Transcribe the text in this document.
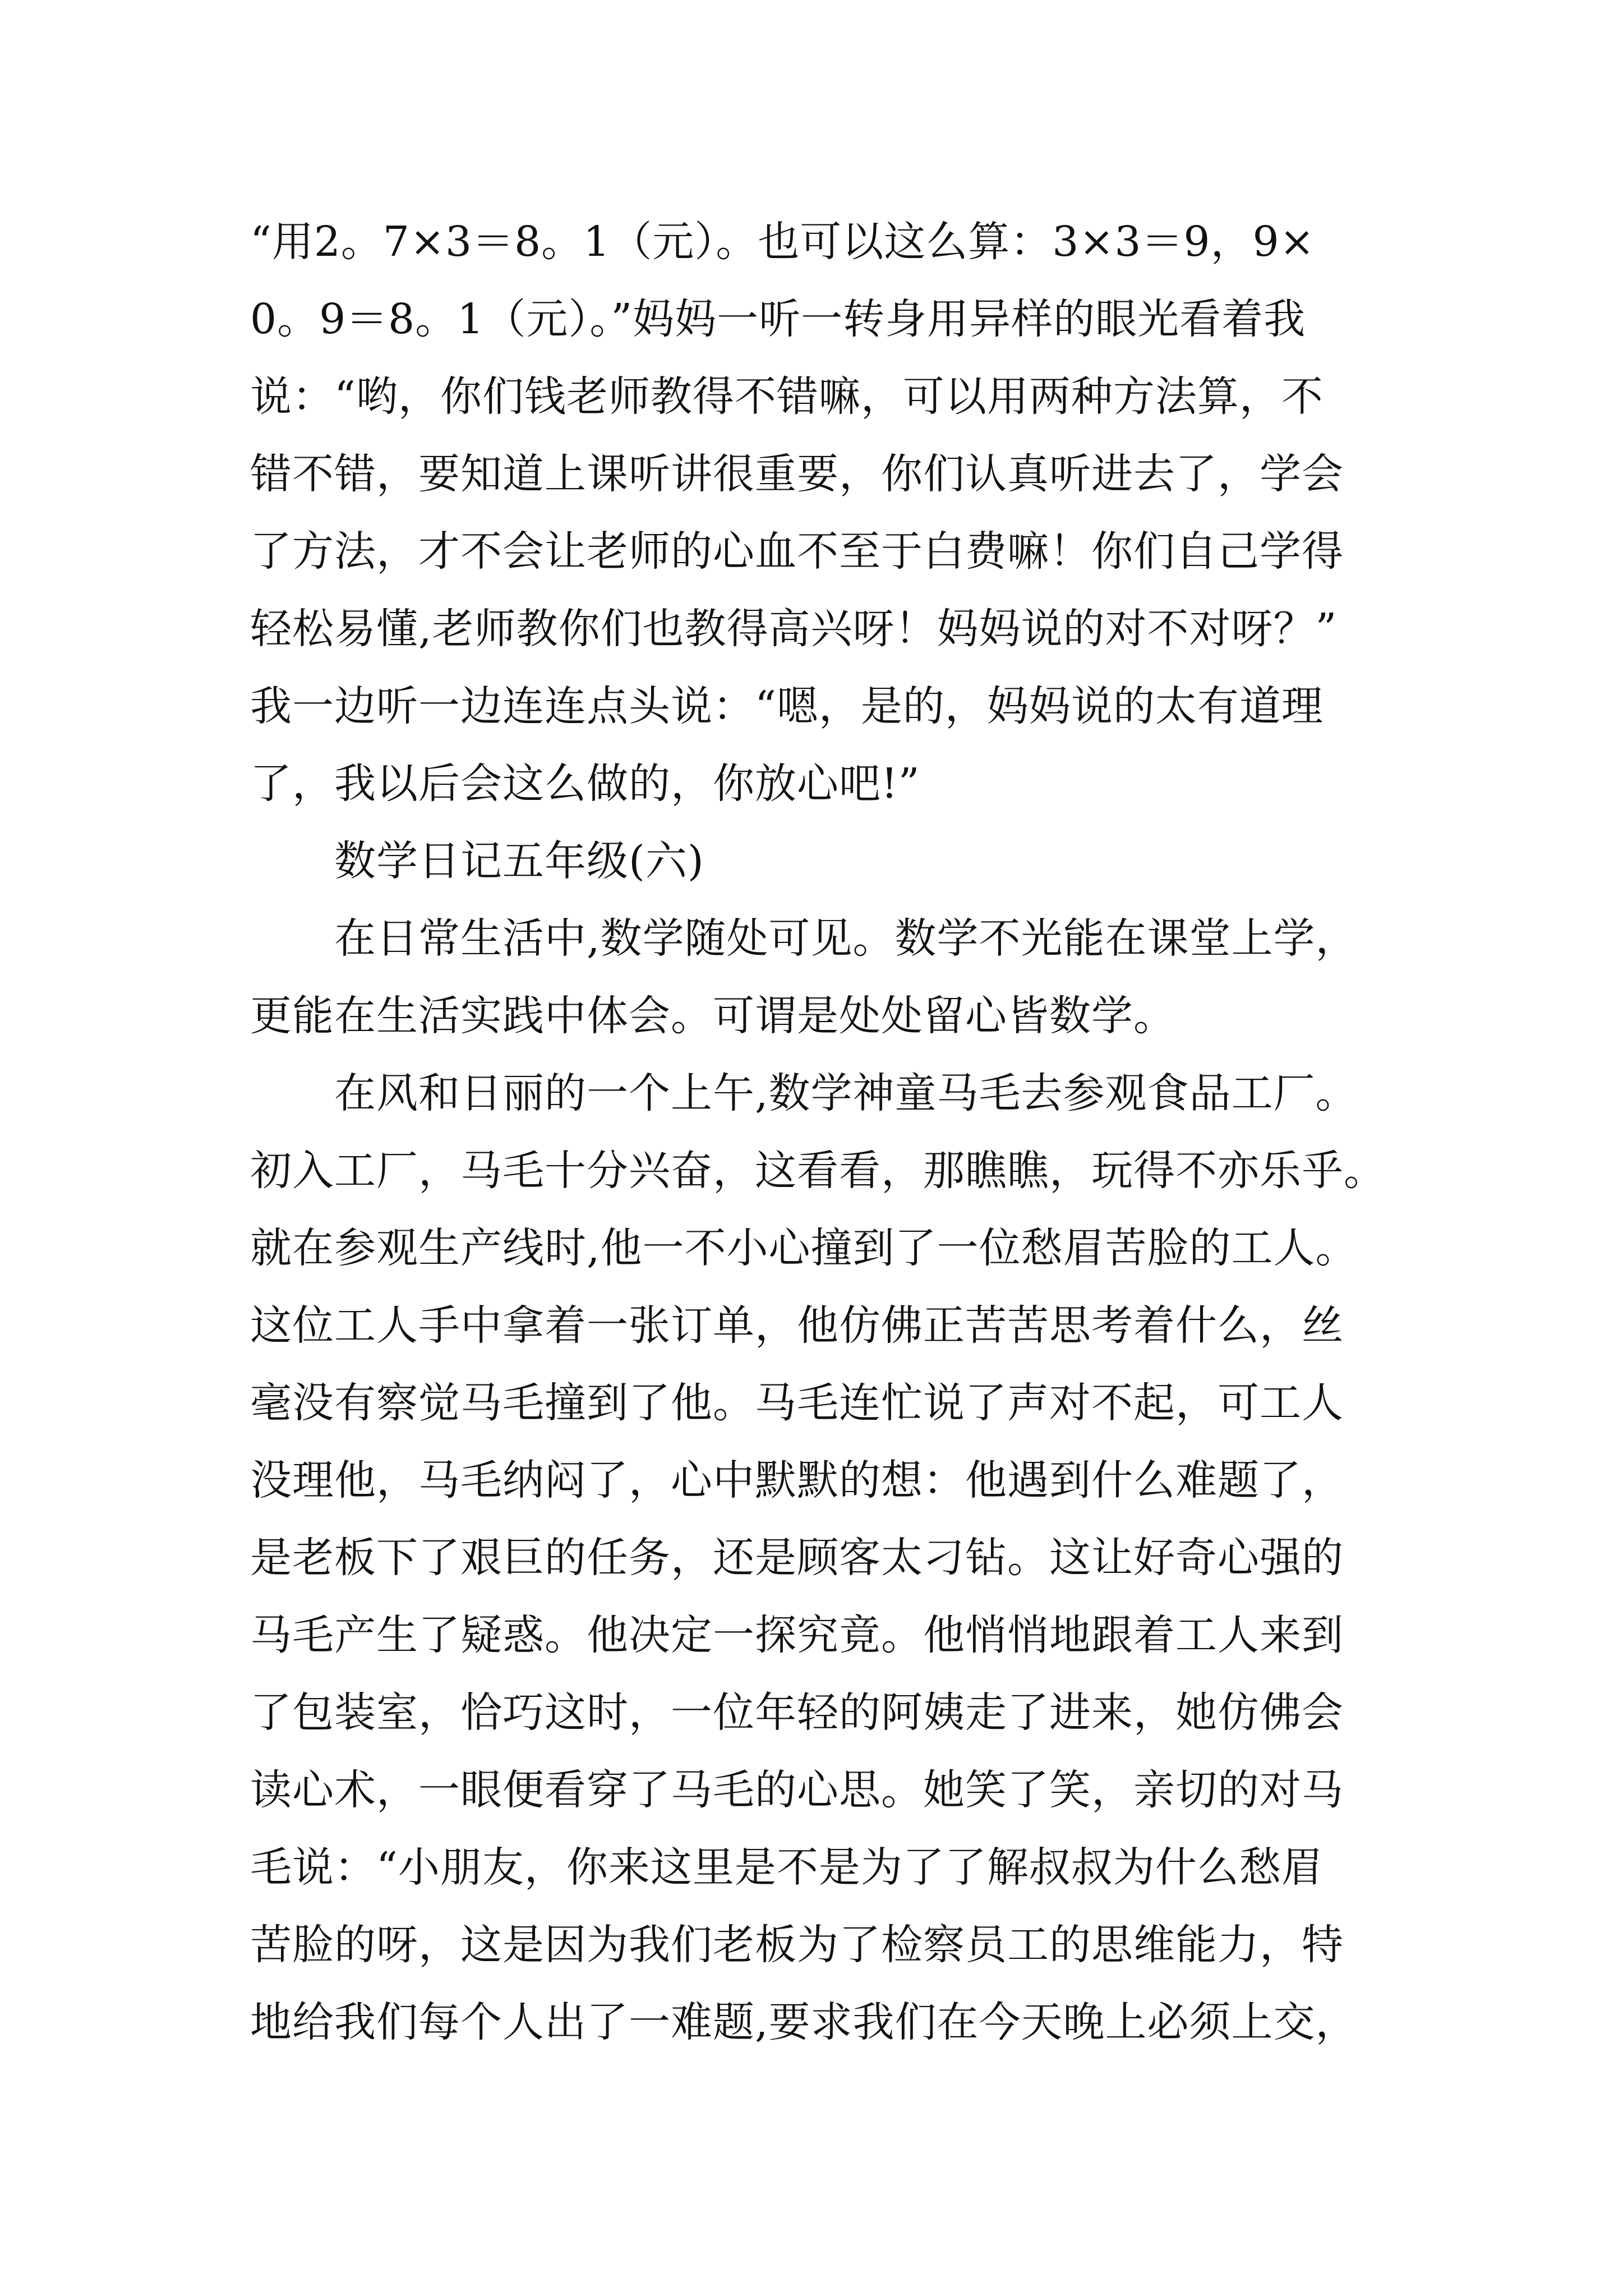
“用2。7×3＝8。1（元）。也可以这么算：3×3＝9，9×
0。9＝8。1（元）。”妈妈一听一转身用异样的眼光看着我
说：“哟，你们钱老师教得不错嘛，可以用两种方法算，不
错不错，要知道上课听讲很重要，你们认真听进去了，学会
了方法，才不会让老师的心血不至于白费嘛！你们自己学得
轻松易懂,老师教你们也教得高兴呀！妈妈说的对不对呀？”
我一边听一边连连点头说：“嗯，是的，妈妈说的太有道理
了，我以后会这么做的，你放心吧!”
数学日记五年级(六)
在日常生活中,数学随处可见。数学不光能在课堂上学，
更能在生活实践中体会。可谓是处处留心皆数学。
在风和日丽的一个上午,数学神童马毛去参观食品工厂。
初入工厂，马毛十分兴奋，这看看，那瞧瞧，玩得不亦乐乎。
就在参观生产线时,他一不小心撞到了一位愁眉苦脸的工人。
这位工人手中拿着一张订单，他仿佛正苦苦思考着什么，丝
毫没有察觉马毛撞到了他。马毛连忙说了声对不起，可工人
没理他，马毛纳闷了，心中默默的想：他遇到什么难题了，
是老板下了艰巨的任务，还是顾客太刁钻。这让好奇心强的
马毛产生了疑惑。他决定一探究竟。他悄悄地跟着工人来到
了包装室，恰巧这时，一位年轻的阿姨走了进来，她仿佛会
读心术，一眼便看穿了马毛的心思。她笑了笑，亲切的对马
毛说：“小朋友，你来这里是不是为了了解叔叔为什么愁眉
苦脸的呀，这是因为我们老板为了检察员工的思维能力，特
地给我们每个人出了一难题,要求我们在今天晚上必须上交，
